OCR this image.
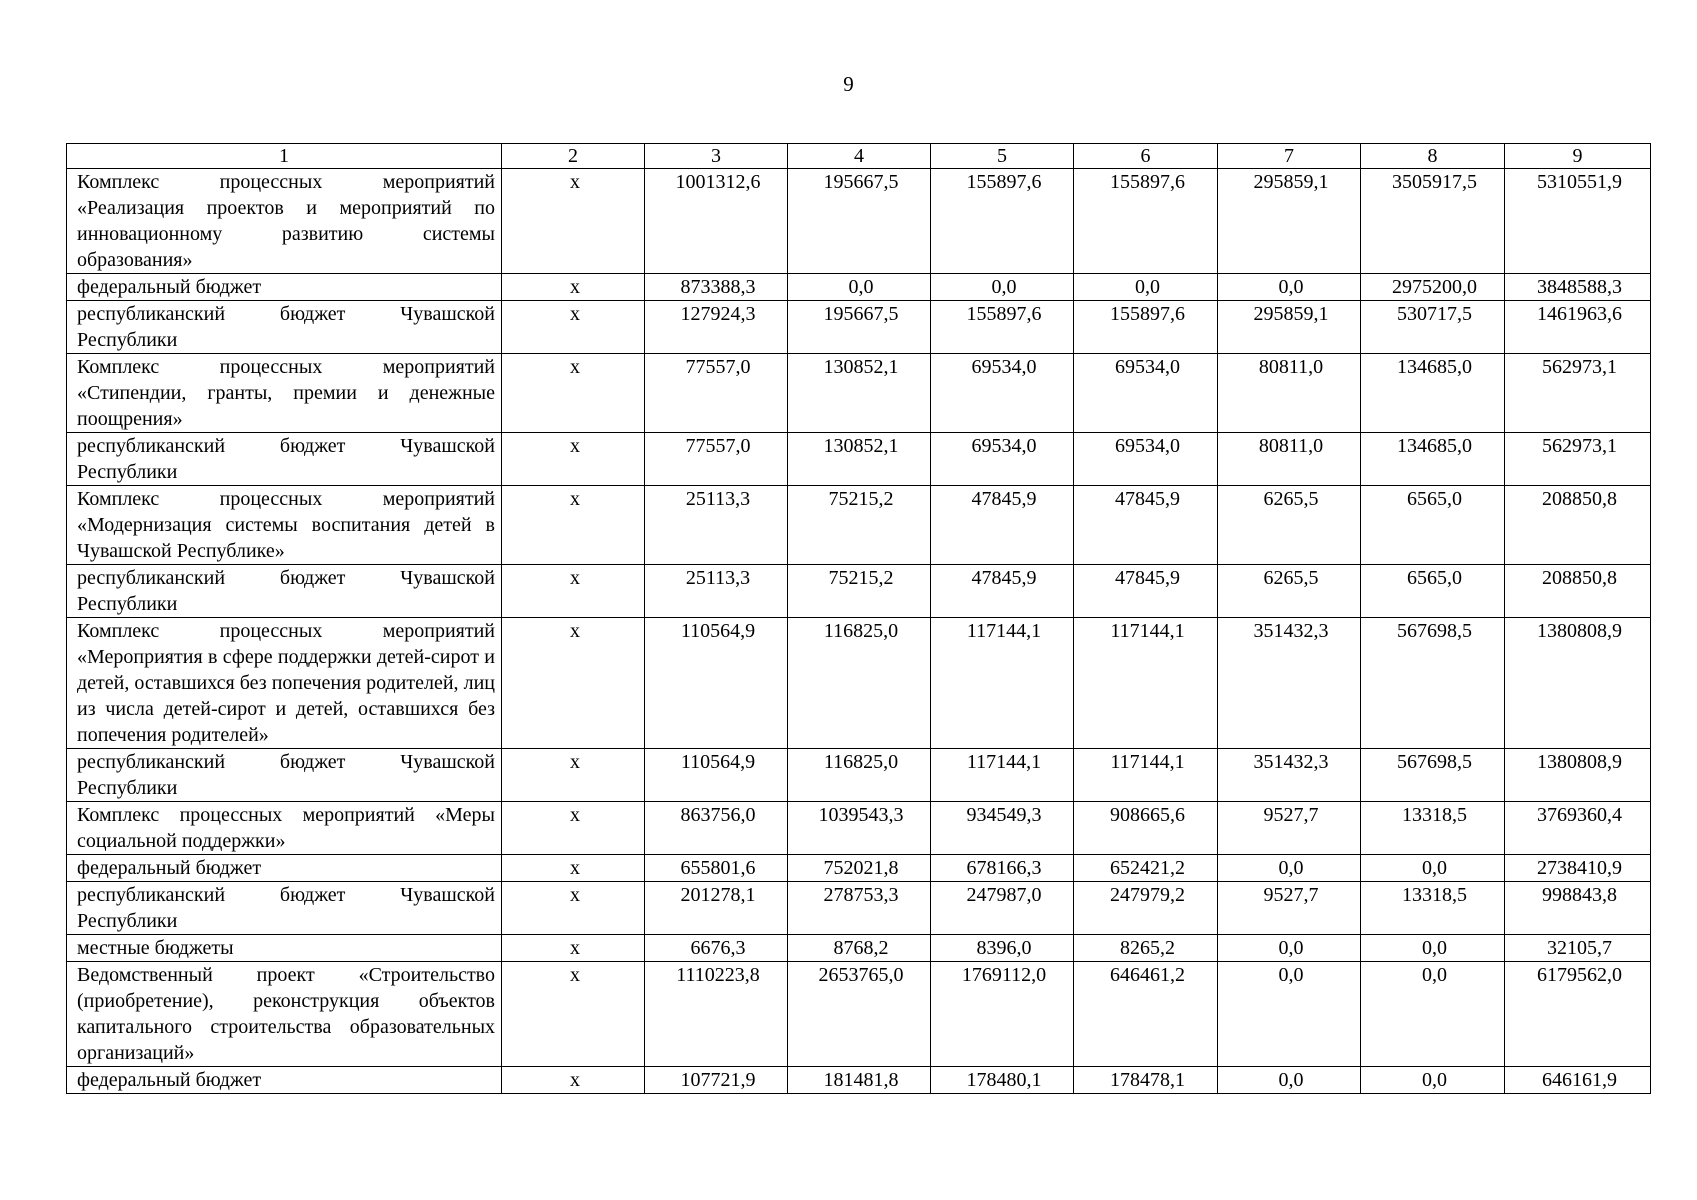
9
1	2	3	4	5	6	7	8	9
Комплекс процессных мероприятий «Реализация проектов и мероприятий по инновационному развитию системы образования»	х	1001312,6	195667,5	155897,6	155897,6	295859,1	3505917,5	5310551,9
федеральный бюджет	х	873388,3	0,0	0,0	0,0	0,0	2975200,0	3848588,3
республиканский бюджет Чувашской Республики	х	127924,3	195667,5	155897,6	155897,6	295859,1	530717,5	1461963,6
Комплекс процессных мероприятий «Стипендии, гранты, премии и денежные поощрения»	х	77557,0	130852,1	69534,0	69534,0	80811,0	134685,0	562973,1
республиканский бюджет Чувашской Республики	х	77557,0	130852,1	69534,0	69534,0	80811,0	134685,0	562973,1
Комплекс процессных мероприятий «Модернизация системы воспитания детей в Чувашской Республике»	х	25113,3	75215,2	47845,9	47845,9	6265,5	6565,0	208850,8
республиканский бюджет Чувашской Республики	х	25113,3	75215,2	47845,9	47845,9	6265,5	6565,0	208850,8
Комплекс процессных мероприятий «Мероприятия в сфере поддержки детей-сирот и детей, оставшихся без попечения родителей, лиц из числа детей-сирот и детей, оставшихся без попечения родителей»	х	110564,9	116825,0	117144,1	117144,1	351432,3	567698,5	1380808,9
республиканский бюджет Чувашской Республики	х	110564,9	116825,0	117144,1	117144,1	351432,3	567698,5	1380808,9
Комплекс процессных мероприятий «Меры социальной поддержки»	х	863756,0	1039543,3	934549,3	908665,6	9527,7	13318,5	3769360,4
федеральный бюджет	х	655801,6	752021,8	678166,3	652421,2	0,0	0,0	2738410,9
республиканский бюджет Чувашской Республики	х	201278,1	278753,3	247987,0	247979,2	9527,7	13318,5	998843,8
местные бюджеты	х	6676,3	8768,2	8396,0	8265,2	0,0	0,0	32105,7
Ведомственный проект «Строительство (приобретение), реконструкция объектов капитального строительства образовательных организаций»	х	1110223,8	2653765,0	1769112,0	646461,2	0,0	0,0	6179562,0
федеральный бюджет	х	107721,9	181481,8	178480,1	178478,1	0,0	0,0	646161,9
